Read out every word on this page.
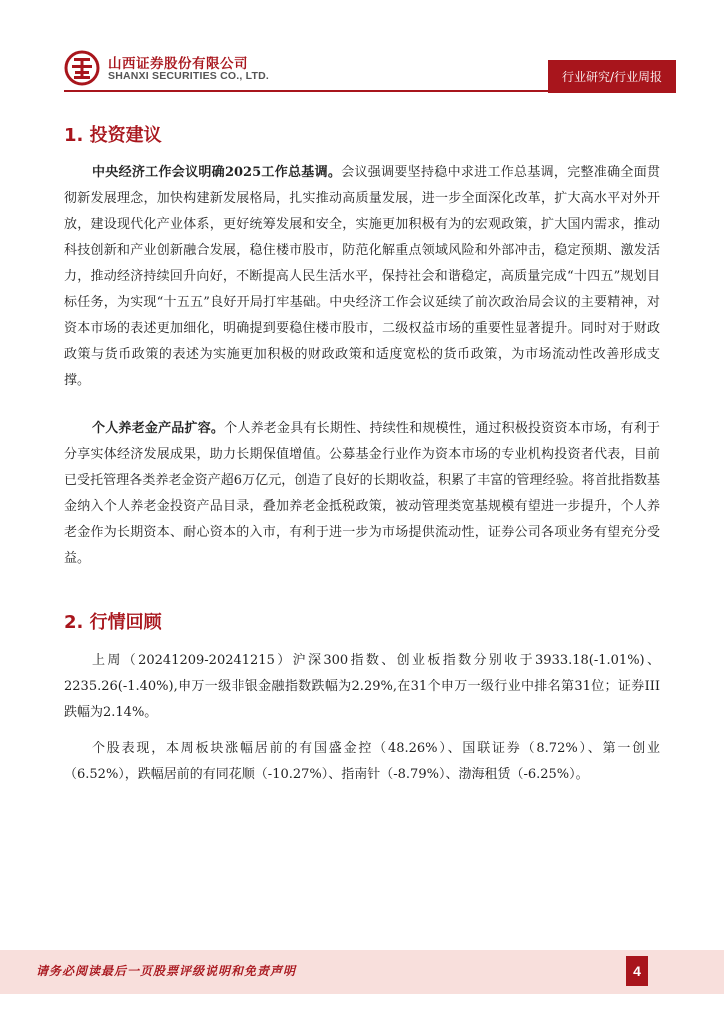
山西证券股份有限公司
SHANXI SECURITIES CO., LTD.	行业研究/行业周报
1. 投资建议

中央经济工作会议明确2025工作总基调。会议强调要坚持稳中求进工作总基调，完整准确全面贯彻新发展理念，加快构建新发展格局，扎实推动高质量发展，进一步全面深化改革，扩大高水平对外开放，建设现代化产业体系，更好统筹发展和安全，实施更加积极有为的宏观政策，扩大国内需求，推动科技创新和产业创新融合发展，稳住楼市股市，防范化解重点领域风险和外部冲击，稳定预期、激发活力，推动经济持续回升向好，不断提高人民生活水平，保持社会和谐稳定，高质量完成“十四五”规划目标任务，为实现“十五五”良好开局打牢基础。中央经济工作会议延续了前次政治局会议的主要精神，对资本市场的表述更加细化，明确提到要稳住楼市股市，二级权益市场的重要性显著提升。同时对于财政政策与货币政策的表述为实施更加积极的财政政策和适度宽松的货币政策，为市场流动性改善形成支撑。

个人养老金产品扩容。个人养老金具有长期性、持续性和规模性，通过积极投资资本市场，有利于分享实体经济发展成果，助力长期保值增值。公募基金行业作为资本市场的专业机构投资者代表，目前已受托管理各类养老金资产超6万亿元，创造了良好的长期收益，积累了丰富的管理经验。将首批指数基金纳入个人养老金投资产品目录，叠加养老金抵税政策，被动管理类宽基规模有望进一步提升，个人养老金作为长期资本、耐心资本的入市，有利于进一步为市场提供流动性，证券公司各项业务有望充分受益。

2. 行情回顾

上周（20241209-20241215）沪深300指数、创业板指数分别收于3933.18(-1.01%)、2235.26(-1.40%),申万一级非银金融指数跌幅为2.29%,在31个申万一级行业中排名第31位；证券III跌幅为2.14%。

个股表现，本周板块涨幅居前的有国盛金控（48.26%）、国联证券（8.72%）、第一创业（6.52%），跌幅居前的有同花顺（-10.27%）、指南针（-8.79%）、渤海租赁（-6.25%）。

请务必阅读最后一页股票评级说明和免责声明	4
